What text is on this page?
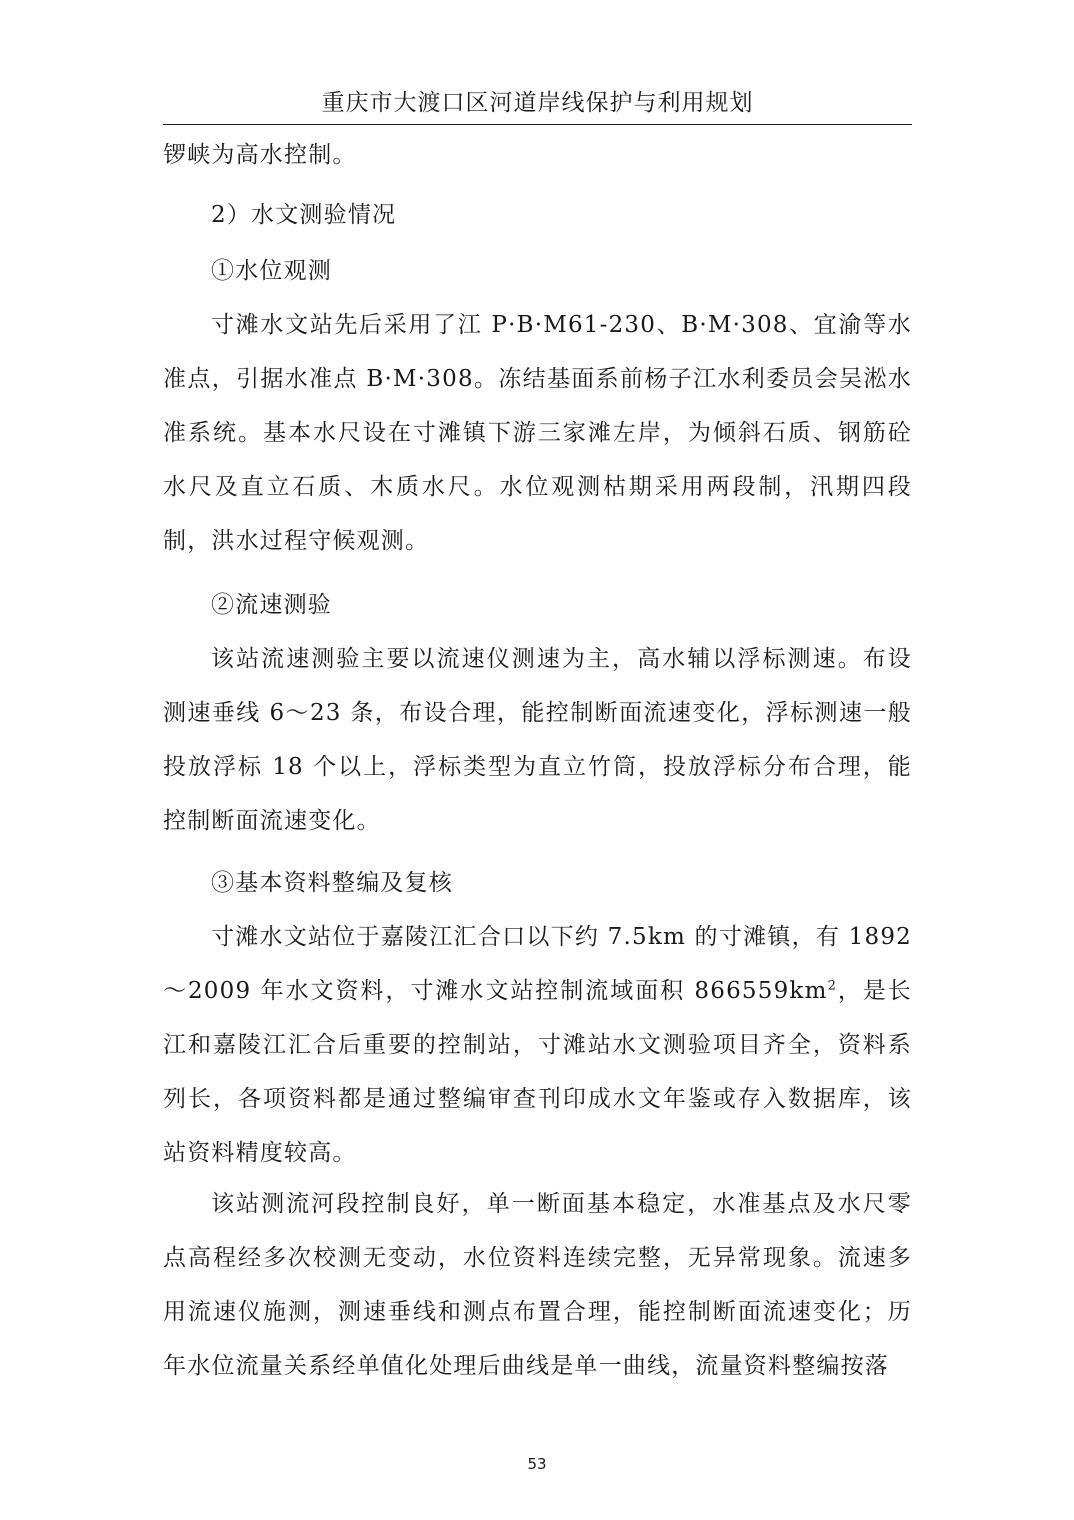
重庆市大渡口区河道岸线保护与利用规划

锣峡为高水控制。

2）水文测验情况

①水位观测

寸滩水文站先后采用了江 P·B·M61-230、B·M·308、宜渝等水准点，引据水准点 B·M·308。冻结基面系前杨子江水利委员会吴淞水准系统。基本水尺设在寸滩镇下游三家滩左岸，为倾斜石质、钢筋砼水尺及直立石质、木质水尺。水位观测枯期采用两段制，汛期四段制，洪水过程守候观测。

②流速测验

该站流速测验主要以流速仪测速为主，高水辅以浮标测速。布设测速垂线 6～23 条，布设合理，能控制断面流速变化，浮标测速一般投放浮标 18 个以上，浮标类型为直立竹筒，投放浮标分布合理，能控制断面流速变化。

③基本资料整编及复核

寸滩水文站位于嘉陵江汇合口以下约 7.5km 的寸滩镇，有 1892～2009 年水文资料，寸滩水文站控制流域面积 $866559km^2$，是长江和嘉陵江汇合后重要的控制站，寸滩站水文测验项目齐全，资料系列长，各项资料都是通过整编审查刊印成水文年鉴或存入数据库，该站资料精度较高。

该站测流河段控制良好，单一断面基本稳定，水准基点及水尺零点高程经多次校测无变动，水位资料连续完整，无异常现象。流速多用流速仪施测，测速垂线和测点布置合理，能控制断面流速变化；历年水位流量关系经单值化处理后曲线是单一曲线，流量资料整编按落

53
